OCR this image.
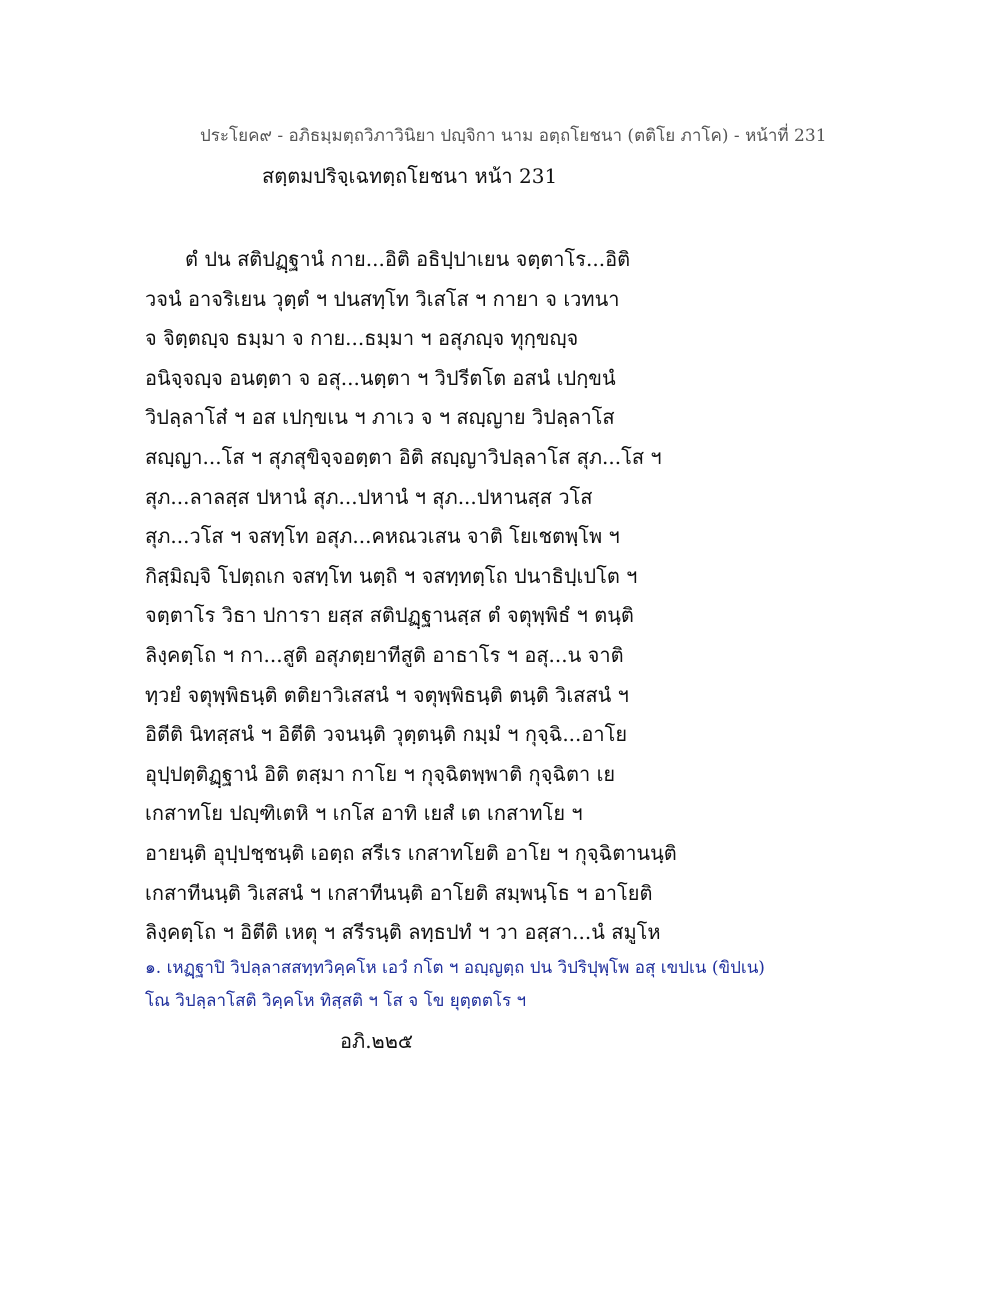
ประโยค๙ - อภิธมฺมตฺถวิภาวินิยา ปญฺจิกา นาม อตฺถโยชนา (ตติโย ภาโค) - หน้าที่ 231
สตฺตมปริจฺเฉทตฺถโยชนา หน้า 231
ตํ ปน สติปฏฺฐานํ กาย...อิติ อธิปฺปาเยน จตฺตาโร...อิติ
วจนํ อาจริเยน วุตฺตํ ฯ ปนสทฺโท วิเสโส ฯ กายา จ เวทนา
จ จิตฺตญฺจ ธมฺมา จ กาย...ธมฺมา ฯ อสุภญฺจ ทุกฺขญฺจ
อนิจฺจญฺจ อนตฺตา จ อสุ...นตฺตา ฯ วิปรีตโต อสนํ เปกฺขนํ
วิปลฺลาโส๋ ฯ อส เปกฺขเน ฯ ภาเว จ ฯ สญฺญาย วิปลฺลาโส
สญฺญา...โส ฯ สุภสุขิจฺจอตฺตา อิติ สญฺญาวิปลฺลาโส สุภ...โส ฯ
สุภ...ลาลสฺส ปหานํ สุภ...ปหานํ ฯ สุภ...ปหานสฺส วโส
สุภ...วโส ฯ จสทฺโท อสุภ...คหณวเสน จาติ โยเชตพฺโพ ฯ
กิสฺมิญฺจิ โปตฺถเก จสทฺโท นตฺถิ ฯ จสทฺทตฺโถ ปนาธิปฺเปโต ฯ
จตฺตาโร วิธา ปการา ยสฺส สติปฏฺฐานสฺส ตํ จตุพฺพิธํ ฯ ตนฺติ
ลิงฺคตฺโถ ฯ กา...สูติ อสุภตฺยาทีสูติ อาธาโร ฯ อสุ...น จาติ
ทฺวยํ จตุพฺพิธนฺติ ตติยาวิเสสนํ ฯ จตุพฺพิธนฺติ ตนฺติ วิเสสนํ ฯ
อิตีติ นิทสฺสนํ ฯ อิตีติ วจนนฺติ วุตฺตนฺติ กมฺมํ ฯ กุจฺฉิ...อาโย
อุปฺปตฺติฏฺฐานํ อิติ ตสฺมา กาโย ฯ กุจฺฉิตพฺพาติ กุจฺฉิตา เย
เกสาทโย ปญฺฑิเตหิ ฯ เกโส อาทิ เยสํ เต เกสาทโย ฯ
อายนฺติ อุปฺปชฺชนฺติ เอตฺถ สรีเร เกสาทโยติ อาโย ฯ กุจฺฉิตานนฺติ
เกสาทีนนฺติ วิเสสนํ ฯ เกสาทีนนฺติ อาโยติ สมฺพนฺโธ ฯ อาโยติ
ลิงฺคตฺโถ ฯ อิตีติ เหตุ ฯ สรีรนฺติ ลทฺธปทํ ฯ วา อสฺสา...นํ สมูโห
๑. เหฏฺฐาปิ วิปลฺลาสสทฺทวิคฺคโห เอวํ กโต ฯ อญฺญตฺถ ปน วิปริปุพฺโพ อสุ เขปเน (ขิปเน)
โณ วิปลฺลาโสติ วิคฺคโห ทิสฺสติ ฯ โส จ โข ยุตฺตตโร ฯ
อภิ.๒๒๕
